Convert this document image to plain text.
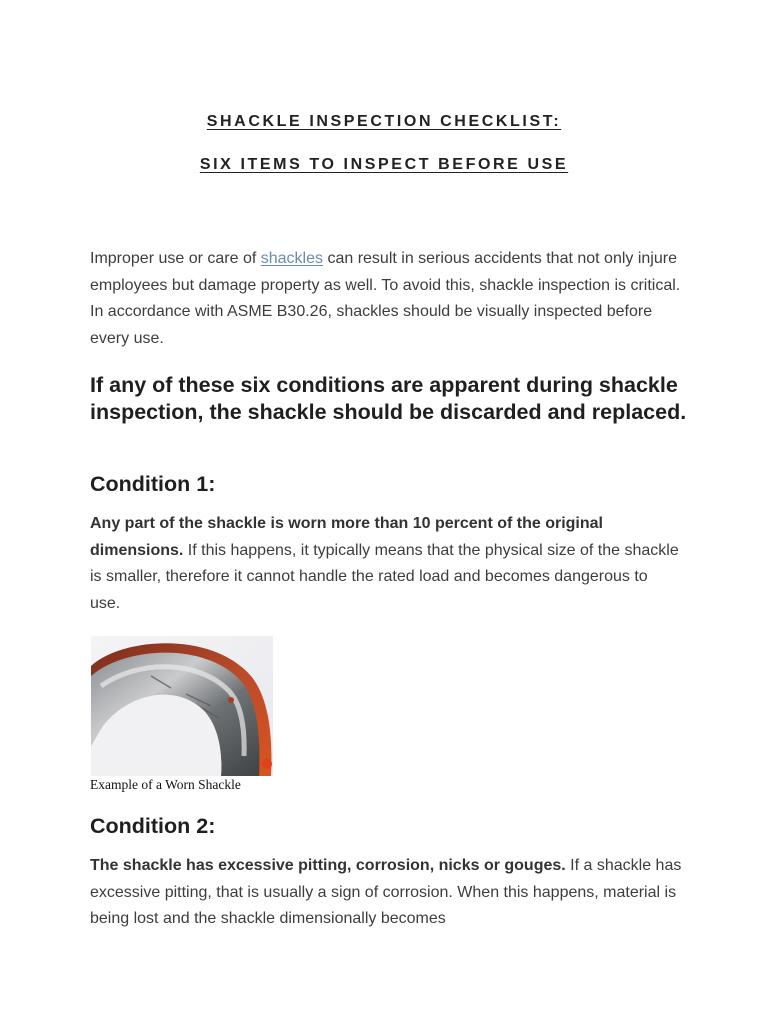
SHACKLE INSPECTION CHECKLIST:
SIX ITEMS TO INSPECT BEFORE USE

Improper use or care of shackles can result in serious accidents that not only injure employees but damage property as well. To avoid this, shackle inspection is critical. In accordance with ASME B30.26, shackles should be visually inspected before every use.

If any of these six conditions are apparent during shackle inspection, the shackle should be discarded and replaced.

Condition 1:

Any part of the shackle is worn more than 10 percent of the original dimensions. If this happens, it typically means that the physical size of the shackle is smaller, therefore it cannot handle the rated load and becomes dangerous to use.

Example of a Worn Shackle
Condition 2:

The shackle has excessive pitting, corrosion, nicks or gouges. If a shackle has excessive pitting, that is usually a sign of corrosion. When this happens, material is being lost and the shackle dimensionally becomes
